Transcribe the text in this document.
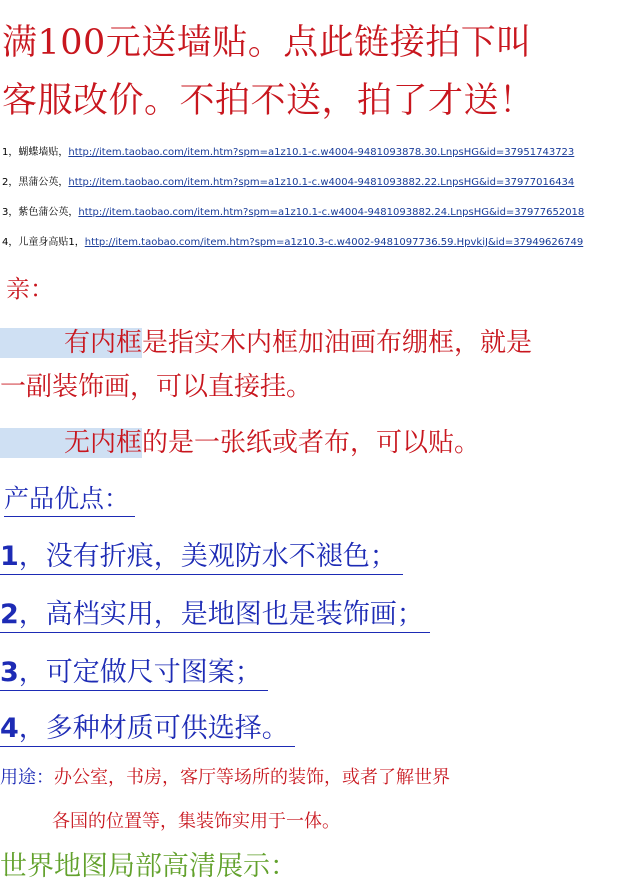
满100元送墙贴。点此链接拍下叫
客服改价。不拍不送，拍了才送！
1，蝴蝶墙贴，http://item.taobao.com/item.htm?spm=a1z10.1-c.w4004-9481093878.30.LnpsHG&id=37951743723
2，黑蒲公英，http://item.taobao.com/item.htm?spm=a1z10.1-c.w4004-9481093882.22.LnpsHG&id=37977016434
3，紫色蒲公英，http://item.taobao.com/item.htm?spm=a1z10.1-c.w4004-9481093882.24.LnpsHG&id=37977652018
4，儿童身高贴1，http://item.taobao.com/item.htm?spm=a1z10.3-c.w4002-9481097736.59.HpvkiJ&id=37949626749
亲：
有内框是指实木内框加油画布绷框，就是
一副装饰画，可以直接挂。
无内框的是一张纸或者布，可以贴。
产品优点：
1，没有折痕，美观防水不褪色；
2，高档实用，是地图也是装饰画；
3，可定做尺寸图案；
4，多种材质可供选择。
用途：办公室，书房，客厅等场所的装饰，或者了解世界
各国的位置等，集装饰实用于一体。
世界地图局部高清展示：
